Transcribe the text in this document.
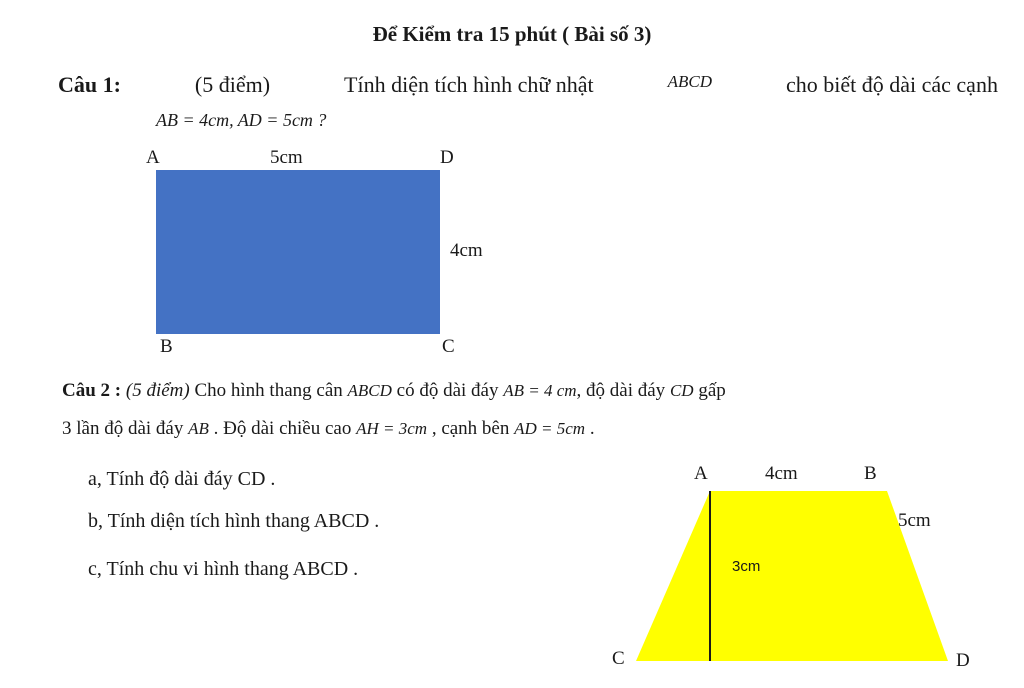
Để Kiểm tra 15 phút ( Bài số 3)
Câu 1:	(5 điểm)	Tính diện tích hình chữ nhật	ABCD	cho biết độ dài các cạnh
AB = 4cm, AD = 5cm ?
A	5cm	D
4cm
B	C
Câu 2 : (5 điểm) Cho hình thang cân ABCD có độ dài đáy AB = 4 cm, độ dài đáy CD gấp
3 lần độ dài đáy AB . Độ dài chiều cao AH = 3cm , cạnh bên AD = 5cm .
a, Tính độ dài đáy CD .
b, Tính diện tích hình thang ABCD .
c, Tính chu vi hình thang ABCD .
A	4cm	B
5cm
3cm
C	D
